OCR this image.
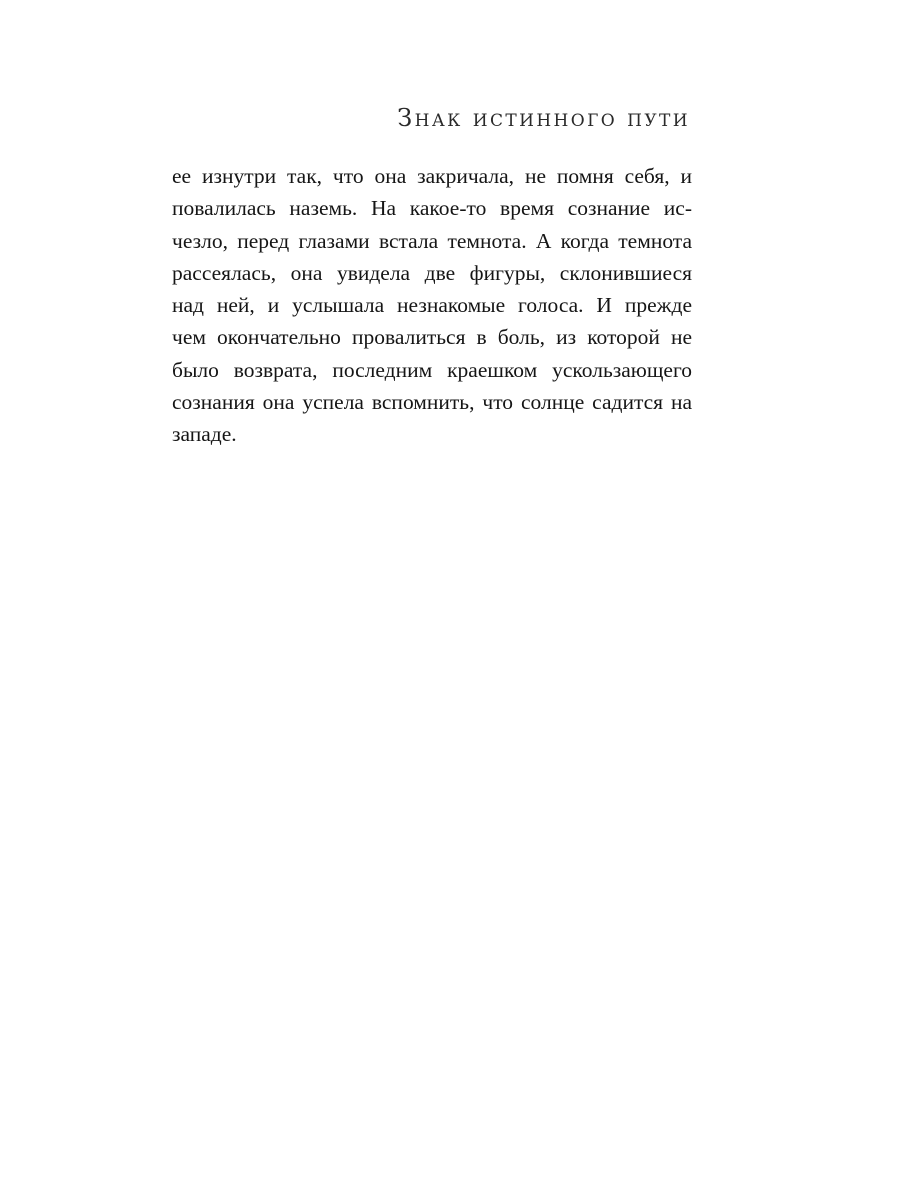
Знак истинного пути
ее изнутри так, что она закричала, не помня себя, и
повалилась наземь. На какое-то время сознание ис-
чезло, перед глазами встала темнота. А когда темнота
рассеялась, она увидела две фигуры, склонившиеся
над ней, и услышала незнакомые голоса. И прежде
чем окончательно провалиться в боль, из которой не
было возврата, последним краешком ускользающего
сознания она успела вспомнить, что солнце садится на
западе.
